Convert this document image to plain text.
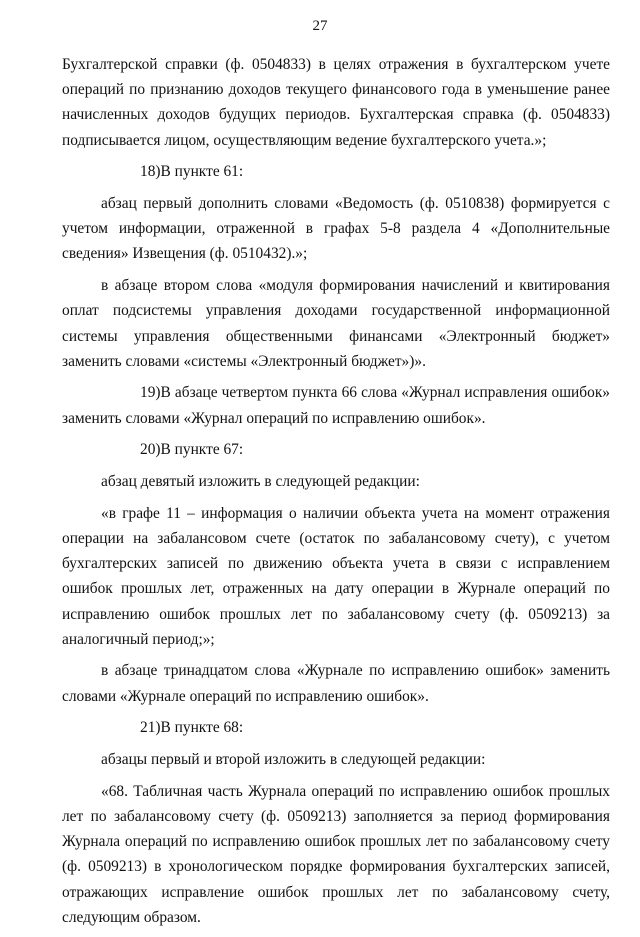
27

Бухгалтерской справки (ф. 0504833) в целях отражения в бухгалтерском учете операций по признанию доходов текущего финансового года в уменьшение ранее начисленных доходов будущих периодов. Бухгалтерская справка (ф. 0504833) подписывается лицом, осуществляющим ведение бухгалтерского учета.»;

18)В пункте 61:

абзац первый дополнить словами «Ведомость (ф. 0510838) формируется с учетом информации, отраженной в графах 5-8 раздела 4 «Дополнительные сведения» Извещения (ф. 0510432).»;

в абзаце втором слова «модуля формирования начислений и квитирования оплат подсистемы управления доходами государственной информационной системы управления общественными финансами «Электронный бюджет» заменить словами «системы «Электронный бюджет»)».

19)В абзаце четвертом пункта 66 слова «Журнал исправления ошибок» заменить словами «Журнал операций по исправлению ошибок».

20)В пункте 67:

абзац девятый изложить в следующей редакции:

«в графе 11 – информация о наличии объекта учета на момент отражения операции на забалансовом счете (остаток по забалансовому счету), с учетом бухгалтерских записей по движению объекта учета в связи с исправлением ошибок прошлых лет, отраженных на дату операции в Журнале операций по исправлению ошибок прошлых лет по забалансовому счету (ф. 0509213) за аналогичный период;»;

в абзаце тринадцатом слова «Журнале по исправлению ошибок» заменить словами «Журнале операций по исправлению ошибок».

21)В пункте 68:

абзацы первый и второй изложить в следующей редакции:

«68. Табличная часть Журнала операций по исправлению ошибок прошлых лет по забалансовому счету (ф. 0509213) заполняется за период формирования Журнала операций по исправлению ошибок прошлых лет по забалансовому счету (ф. 0509213) в хронологическом порядке формирования бухгалтерских записей, отражающих исправление ошибок прошлых лет по забалансовому счету, следующим образом.
